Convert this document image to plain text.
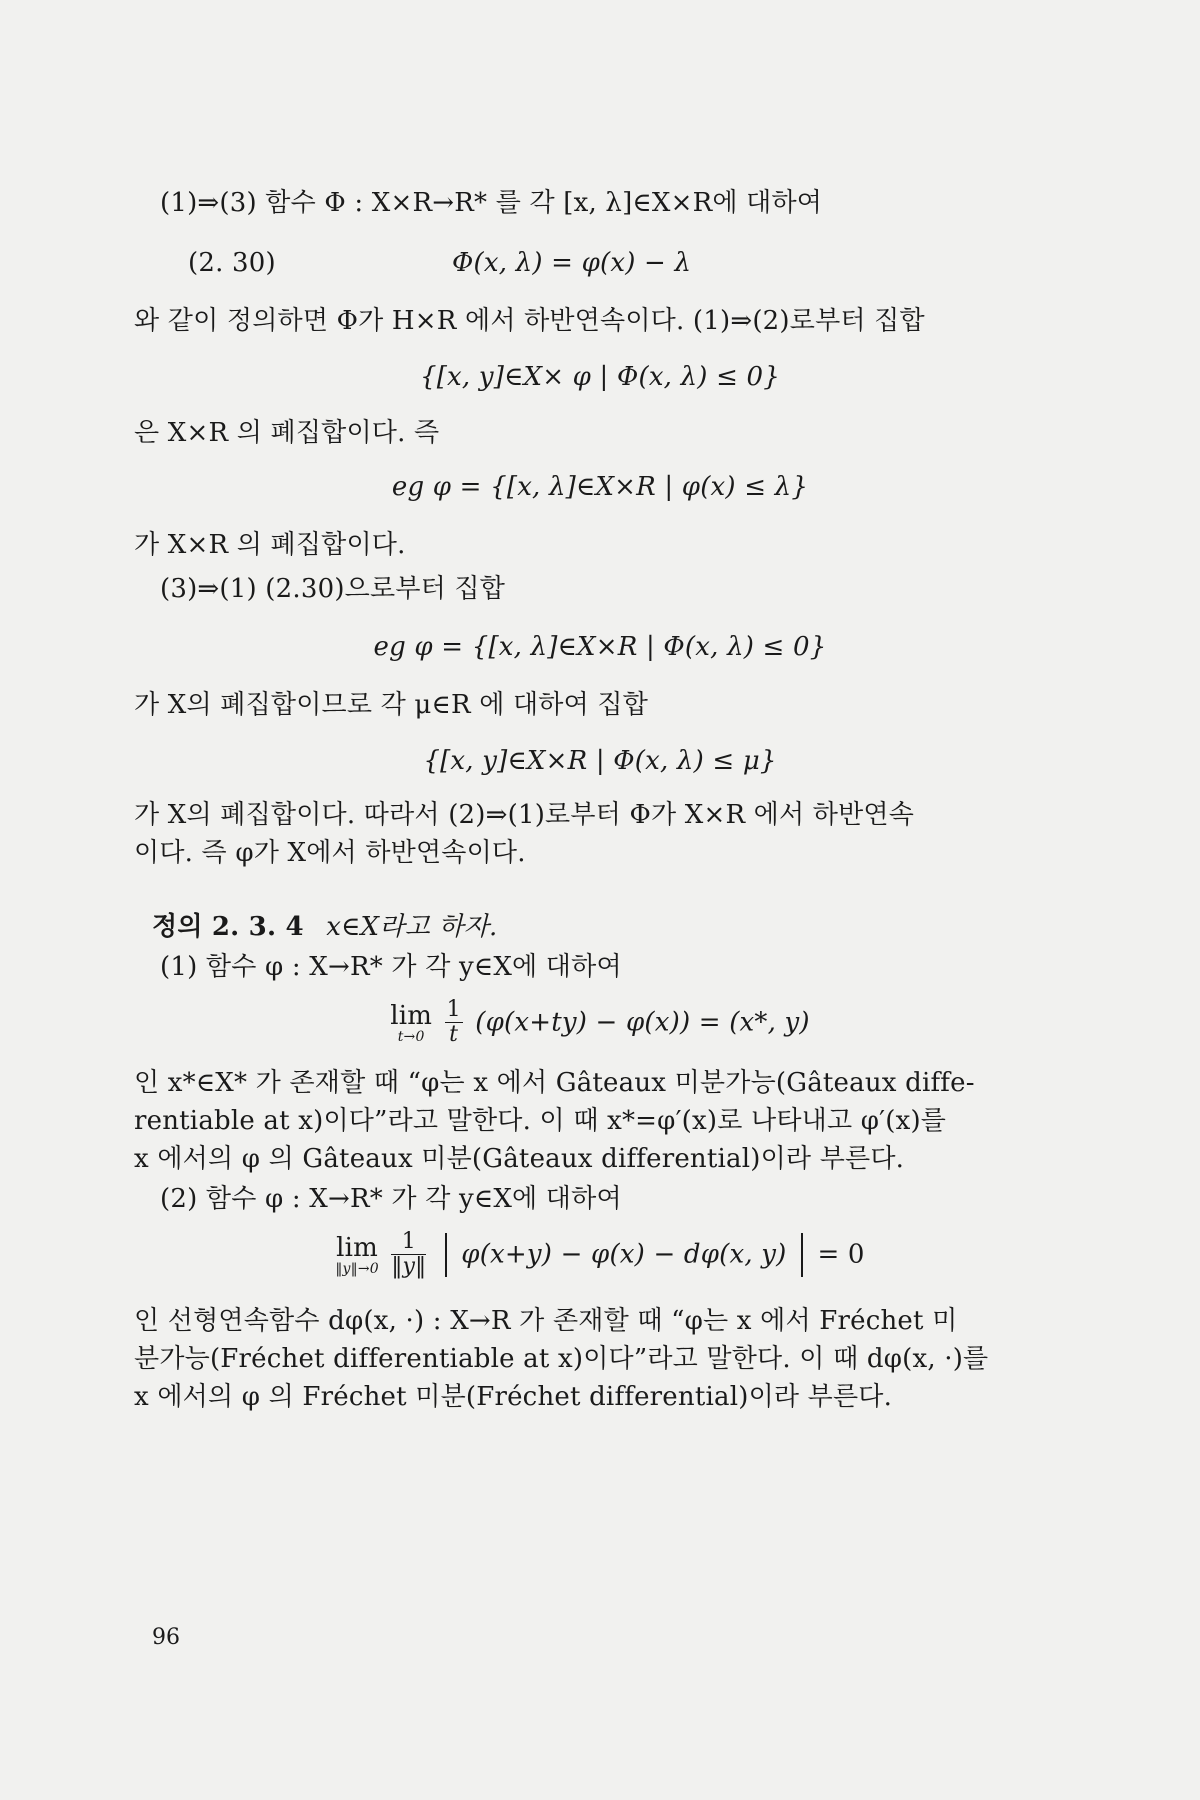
(1)⇒(3) 함수 Φ : X×R→R* 를 각 [x, λ]∈X×R에 대하여
(2. 30)	Φ(x, λ) = φ(x) − λ
와 같이 정의하면 Φ가 H×R 에서 하반연속이다. (1)⇒(2)로부터 집합
{[x, y]∈X× φ | Φ(x, λ) ≤ 0}
은 X×R 의 폐집합이다. 즉
eg φ = {[x, λ]∈X×R | φ(x) ≤ λ}
가 X×R 의 폐집합이다.
(3)⇒(1) (2.30)으로부터 집합
eg φ = {[x, λ]∈X×R | Φ(x, λ) ≤ 0}
가 X의 폐집합이므로 각 μ∈R 에 대하여 집합
{[x, y]∈X×R | Φ(x, λ) ≤ μ}
가 X의 폐집합이다. 따라서 (2)⇒(1)로부터 Φ가 X×R 에서 하반연속
이다. 즉 φ가 X에서 하반연속이다.
정의 2. 3. 4 x∈X라고 하자.
(1) 함수 φ : X→R* 가 각 y∈X에 대하여
lim
t→0
$\frac{1}{t} (\varphi(x+ty) - \varphi(x)) = (x*$, y)
인 x*∈X* 가 존재할 때 “φ는 x 에서 Gâteaux 미분가능(Gâteaux diffe-
rentiable at x)이다”라고 말한다. 이 때 x*=φ′(x)로 나타내고 φ′(x)를
x 에서의 φ 의 Gâteaux 미분(Gâteaux differential)이라 부른다.
(2) 함수 φ : X→R* 가 각 y∈X에 대하여
lim
‖y‖→0
$\frac{1}{‖y‖} \varphi(x+y) - \varphi(x) - d\varphi(x$, y) = 0
인 선형연속함수 dφ(x, ·) : X→R 가 존재할 때 “φ는 x 에서 Fréchet 미
분가능(Fréchet differentiable at x)이다”라고 말한다. 이 때 dφ(x, ·)를
x 에서의 φ 의 Fréchet 미분(Fréchet differential)이라 부른다.
96
